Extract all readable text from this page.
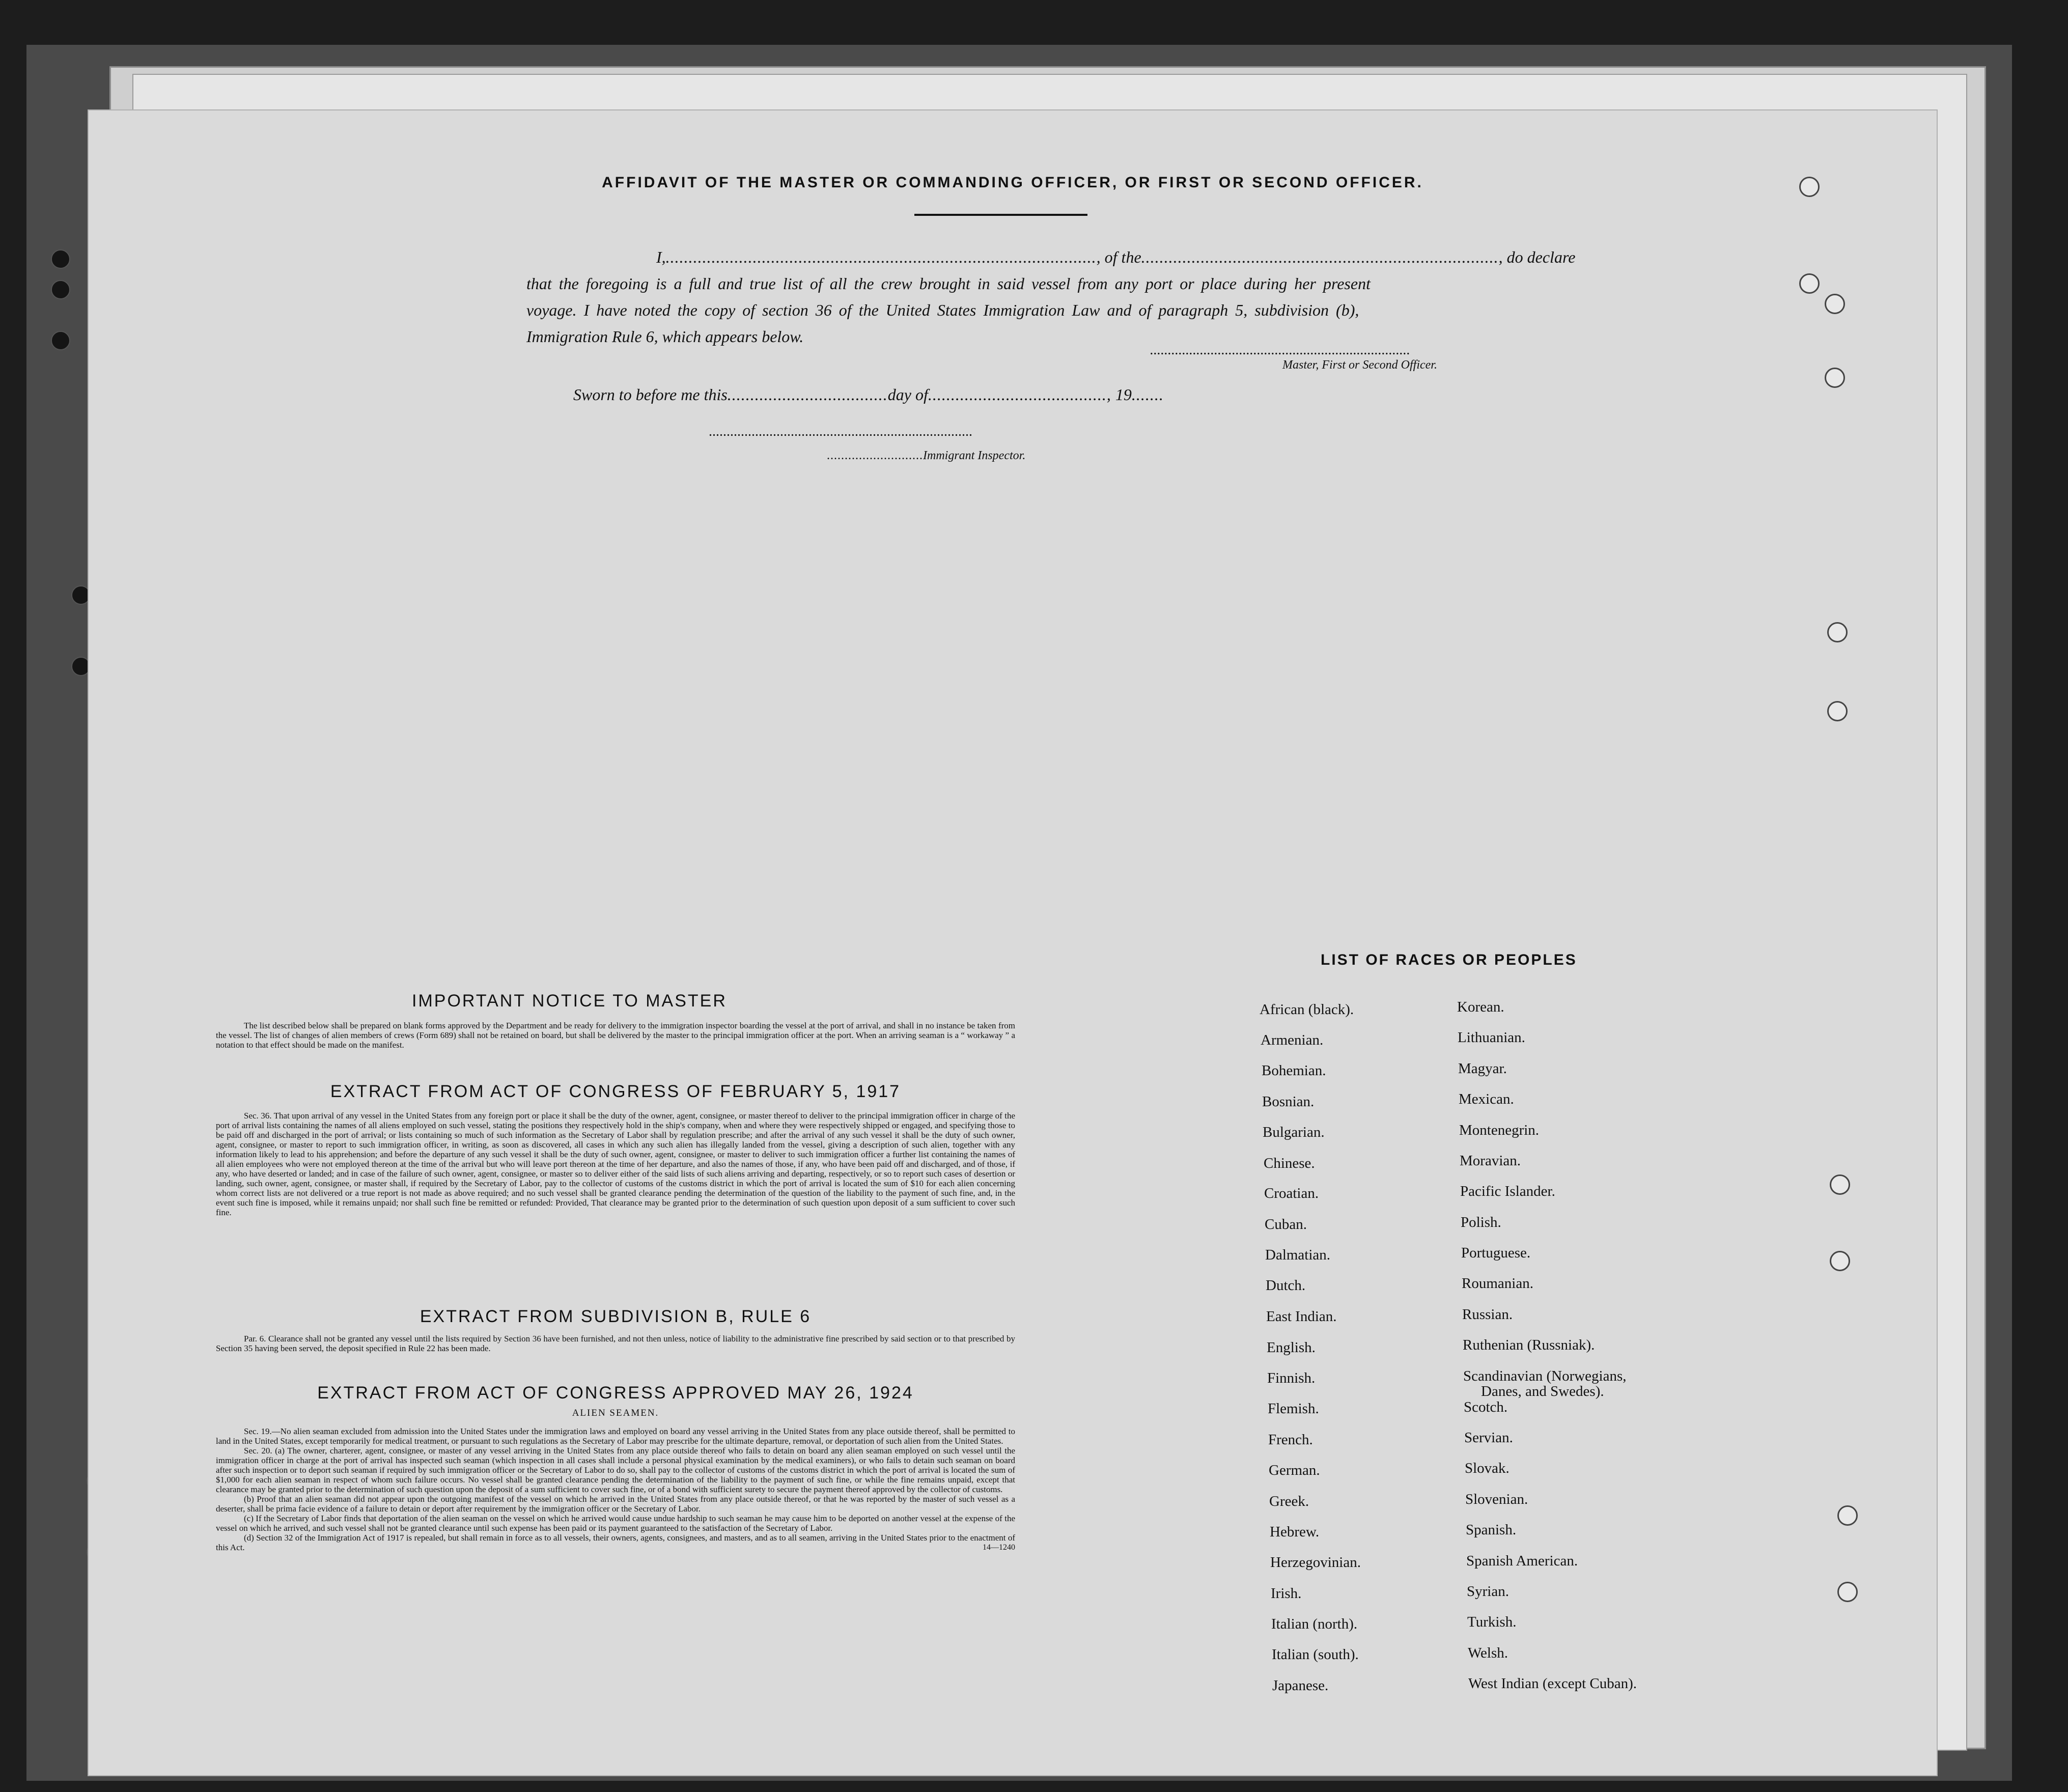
AFFIDAVIT OF THE MASTER OR COMMANDING OFFICER, OR FIRST OR SECOND OFFICER.
I,.............................................................................................., of the.............................................................................., do declare
that the foregoing is a full and true list of all the crew brought in said vessel from any port or place during her present
voyage. I have noted the copy of section 36 of the United States Immigration Law and of paragraph 5, subdivision (b),
Immigration Rule 6, which appears below.
.........................................................................
Master, First or Second Officer.
Sworn to before me this...................................day of......................................., 19.......
..........................................................................
...........................Immigrant Inspector.
IMPORTANT NOTICE TO MASTER

The list described below shall be prepared on blank forms approved by the Department and be ready for delivery to the immigration inspector boarding the vessel at the port of arrival, and shall in no instance be taken from the vessel. The list of changes of alien members of crews (Form 689) shall not be retained on board, but shall be delivered by the master to the principal immigration officer at the port. When an arriving seaman is a “ workaway ” a notation to that effect should be made on the manifest.

EXTRACT FROM ACT OF CONGRESS OF FEBRUARY 5, 1917

Sec. 36. That upon arrival of any vessel in the United States from any foreign port or place it shall be the duty of the owner, agent, consignee, or master thereof to deliver to the principal immigration officer in charge of the port of arrival lists containing the names of all aliens employed on such vessel, stating the positions they respectively hold in the ship's company, when and where they were respectively shipped or engaged, and specifying those to be paid off and discharged in the port of arrival; or lists containing so much of such information as the Secretary of Labor shall by regulation prescribe; and after the arrival of any such vessel it shall be the duty of such owner, agent, consignee, or master to report to such immigration officer, in writing, as soon as discovered, all cases in which any such alien has illegally landed from the vessel, giving a description of such alien, together with any information likely to lead to his apprehension; and before the departure of any such vessel it shall be the duty of such owner, agent, consignee, or master to deliver to such immigration officer a further list containing the names of all alien employees who were not employed thereon at the time of the arrival but who will leave port thereon at the time of her departure, and also the names of those, if any, who have been paid off and discharged, and of those, if any, who have deserted or landed; and in case of the failure of such owner, agent, consignee, or master so to deliver either of the said lists of such aliens arriving and departing, respectively, or so to report such cases of desertion or landing, such owner, agent, consignee, or master shall, if required by the Secretary of Labor, pay to the collector of customs of the customs district in which the port of arrival is located the sum of $10 for each alien concerning whom correct lists are not delivered or a true report is not made as above required; and no such vessel shall be granted clearance pending the determination of the question of the liability to the payment of such fine, and, in the event such fine is imposed, while it remains unpaid; nor shall such fine be remitted or refunded: Provided, That clearance may be granted prior to the determination of such question upon deposit of a sum sufficient to cover such fine.

EXTRACT FROM SUBDIVISION B, RULE 6

Par. 6. Clearance shall not be granted any vessel until the lists required by Section 36 have been furnished, and not then unless, notice of liability to the administrative fine prescribed by said section or to that prescribed by Section 35 having been served, the deposit specified in Rule 22 has been made.

EXTRACT FROM ACT OF CONGRESS APPROVED MAY 26, 1924
ALIEN SEAMEN.

Sec. 19.—No alien seaman excluded from admission into the United States under the immigration laws and employed on board any vessel arriving in the United States from any place outside thereof, shall be permitted to land in the United States, except temporarily for medical treatment, or pursuant to such regulations as the Secretary of Labor may prescribe for the ultimate departure, removal, or deportation of such alien from the United States.

Sec. 20. (a) The owner, charterer, agent, consignee, or master of any vessel arriving in the United States from any place outside thereof who fails to detain on board any alien seaman employed on such vessel until the immigration officer in charge at the port of arrival has inspected such seaman (which inspection in all cases shall include a personal physical examination by the medical examiners), or who fails to detain such seaman on board after such inspection or to deport such seaman if required by such immigration officer or the Secretary of Labor to do so, shall pay to the collector of customs of the customs district in which the port of arrival is located the sum of $1,000 for each alien seaman in respect of whom such failure occurs. No vessel shall be granted clearance pending the determination of the liability to the payment of such fine, or while the fine remains unpaid, except that clearance may be granted prior to the determination of such question upon the deposit of a sum sufficient to cover such fine, or of a bond with sufficient surety to secure the payment thereof approved by the collector of customs.

(b) Proof that an alien seaman did not appear upon the outgoing manifest of the vessel on which he arrived in the United States from any place outside thereof, or that he was reported by the master of such vessel as a deserter, shall be prima facie evidence of a failure to detain or deport after requirement by the immigration officer or the Secretary of Labor.

(c) If the Secretary of Labor finds that deportation of the alien seaman on the vessel on which he arrived would cause undue hardship to such seaman he may cause him to be deported on another vessel at the expense of the vessel on which he arrived, and such vessel shall not be granted clearance until such expense has been paid or its payment guaranteed to the satisfaction of the Secretary of Labor.

(d) Section 32 of the Immigration Act of 1917 is repealed, but shall remain in force as to all vessels, their owners, agents, consignees, and masters, and as to all seamen, arriving in the United States prior to the enactment of this Act.	14—1240

LIST OF RACES OR PEOPLES
African (black).
Armenian.
Bohemian.
Bosnian.
Bulgarian.
Chinese.
Croatian.
Cuban.
Dalmatian.
Dutch.
East Indian.
English.
Finnish.
Flemish.
French.
German.
Greek.
Hebrew.
Herzegovinian.
Irish.
Italian (north).
Italian (south).
Japanese.
Korean.
Lithuanian.
Magyar.
Mexican.
Montenegrin.
Moravian.
Pacific Islander.
Polish.
Portuguese.
Roumanian.
Russian.
Ruthenian (Russniak).
Scandinavian (Norwegians,
Danes, and Swedes).
Scotch.
Servian.
Slovak.
Slovenian.
Spanish.
Spanish American.
Syrian.
Turkish.
Welsh.
West Indian (except Cuban).
